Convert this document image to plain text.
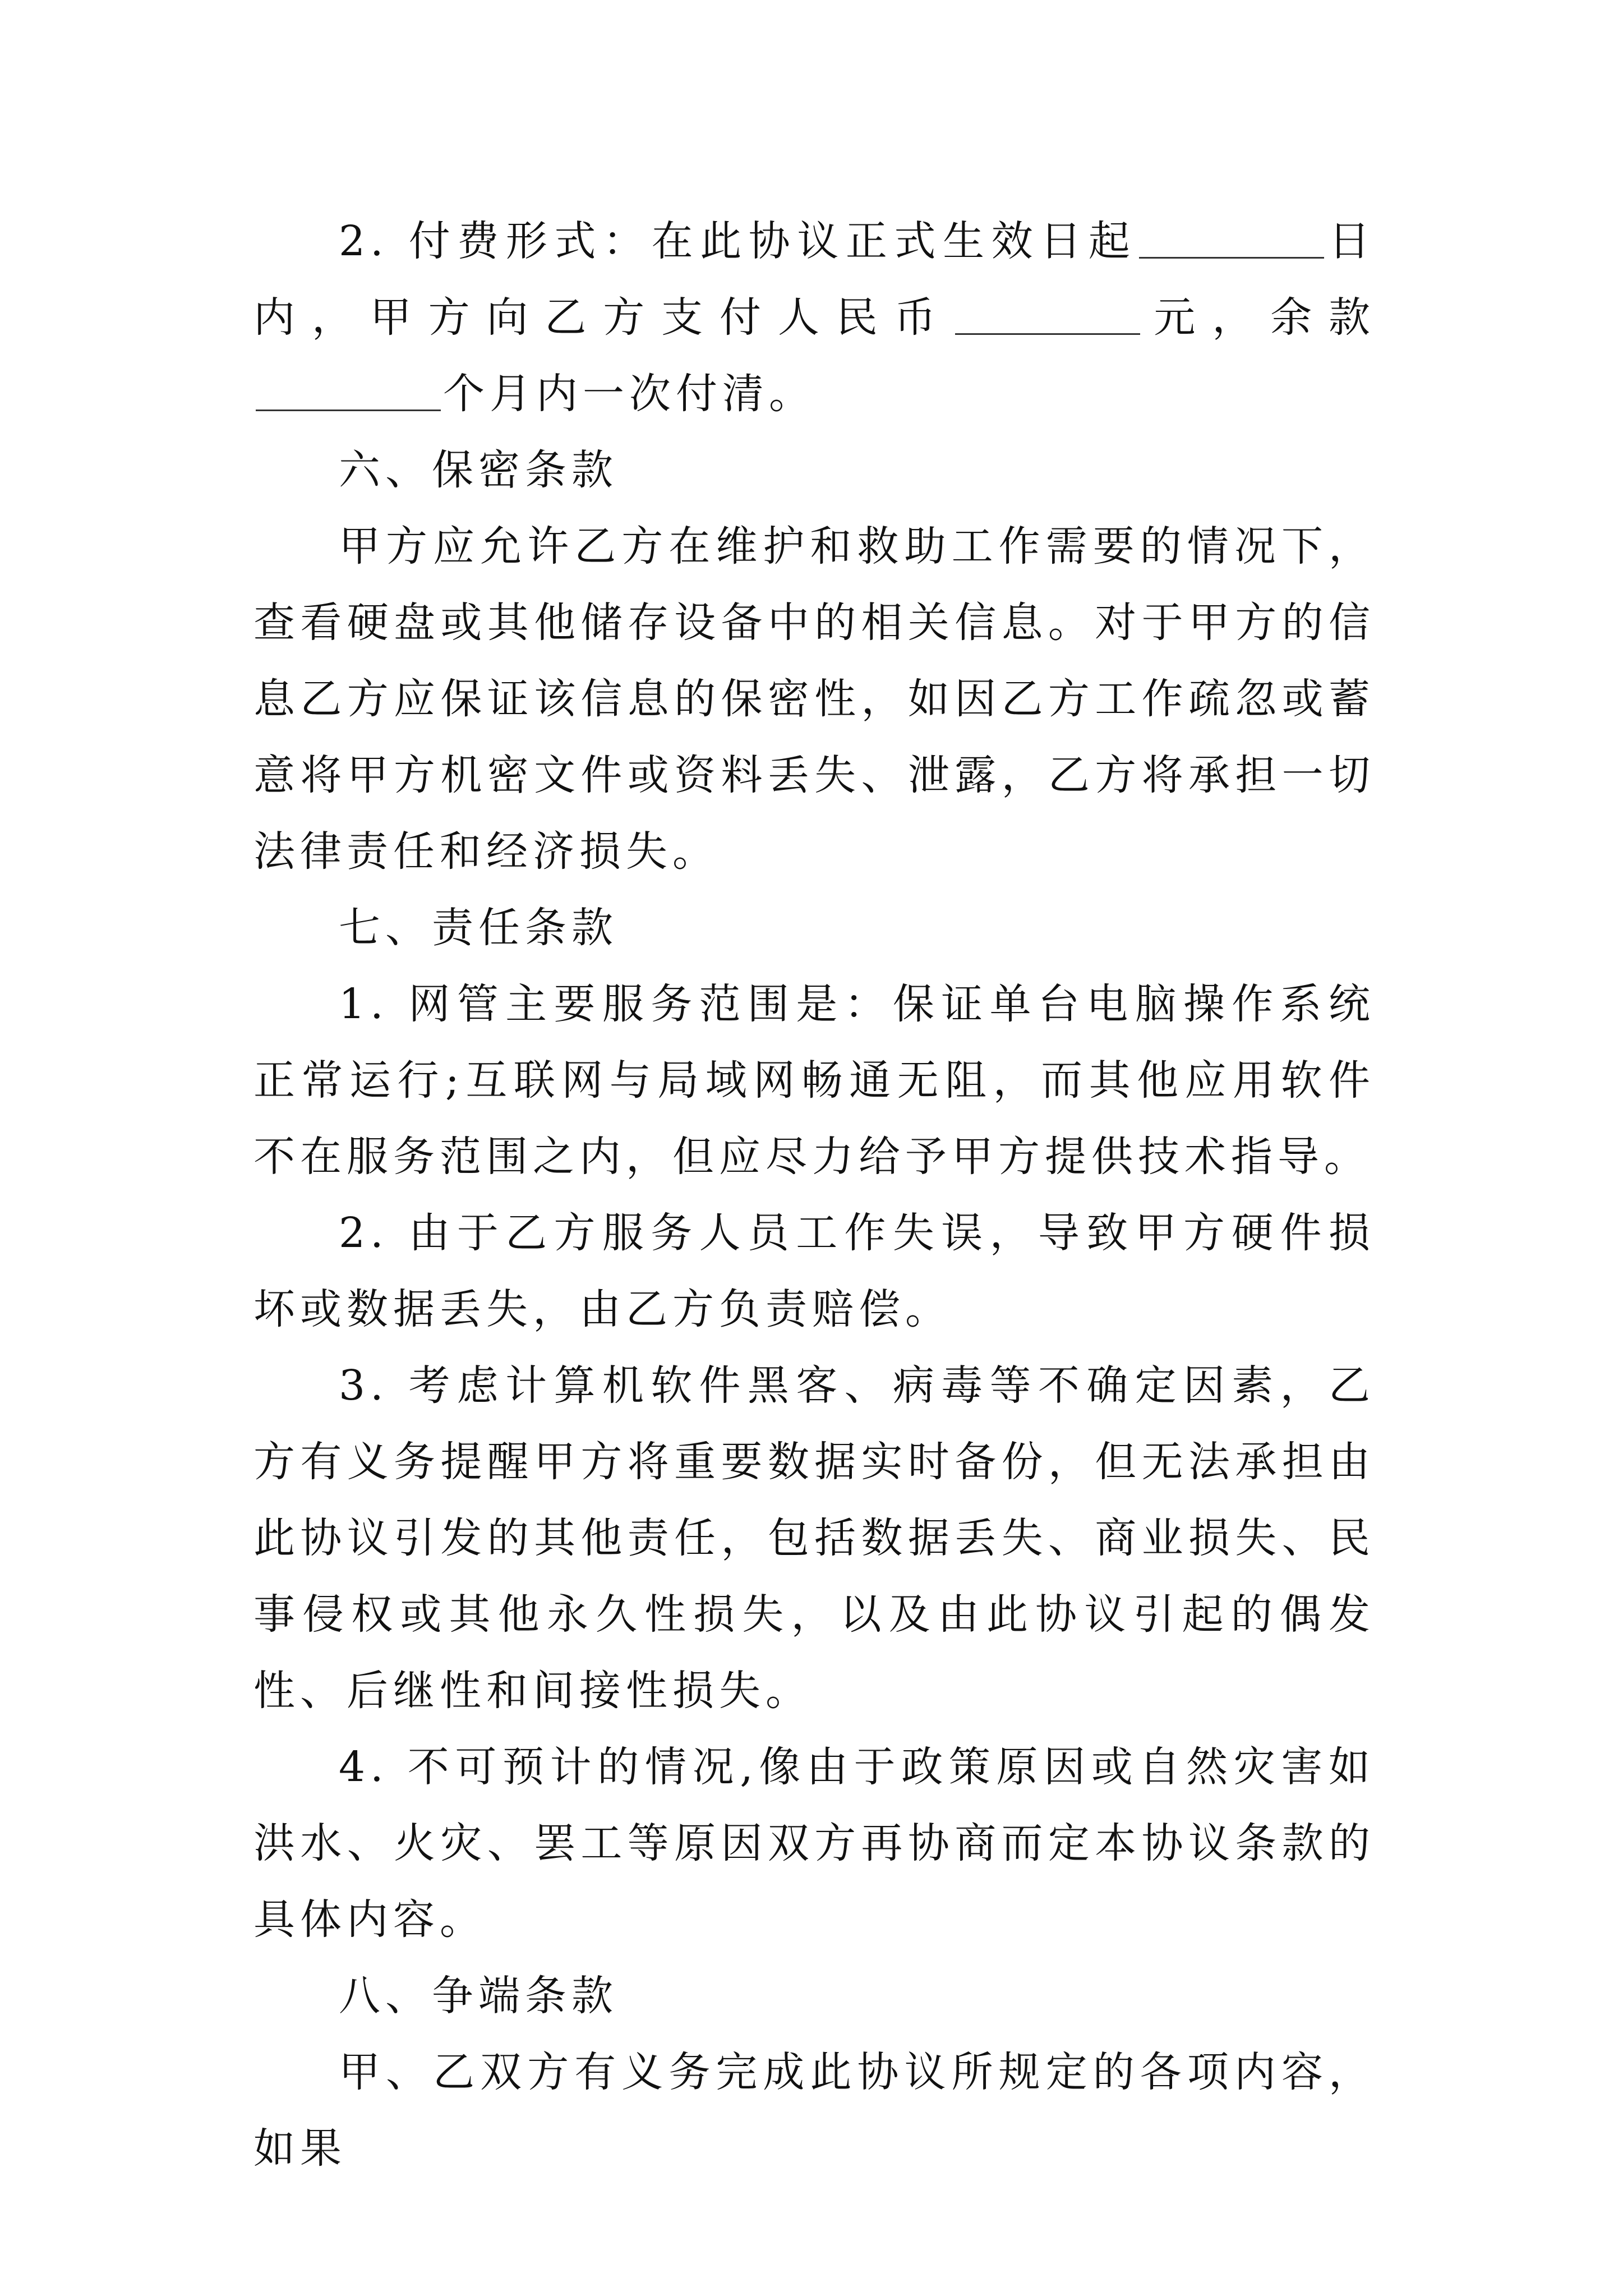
2. 付费形式：在此协议正式生效日起	日内，甲方向乙方支付人民币	元，余款个月内一次付清。

六、保密条款

甲方应允许乙方在维护和救助工作需要的情况下，查看硬盘或其他储存设备中的相关信息。对于甲方的信息乙方应保证该信息的保密性，如因乙方工作疏忽或蓄意将甲方机密文件或资料丢失、泄露，乙方将承担一切法律责任和经济损失。

七、责任条款

1. 网管主要服务范围是：保证单台电脑操作系统正常运行;互联网与局域网畅通无阻，而其他应用软件不在服务范围之内，但应尽力给予甲方提供技术指导。

2. 由于乙方服务人员工作失误，导致甲方硬件损坏或数据丢失，由乙方负责赔偿。

3. 考虑计算机软件黑客、病毒等不确定因素，乙方有义务提醒甲方将重要数据实时备份，但无法承担由此协议引发的其他责任，包括数据丢失、商业损失、民事侵权或其他永久性损失，以及由此协议引起的偶发性、后继性和间接性损失。

4. 不可预计的情况,像由于政策原因或自然灾害如洪水、火灾、罢工等原因双方再协商而定本协议条款的具体内容。

八、争端条款

甲、乙双方有义务完成此协议所规定的各项内容，如果
